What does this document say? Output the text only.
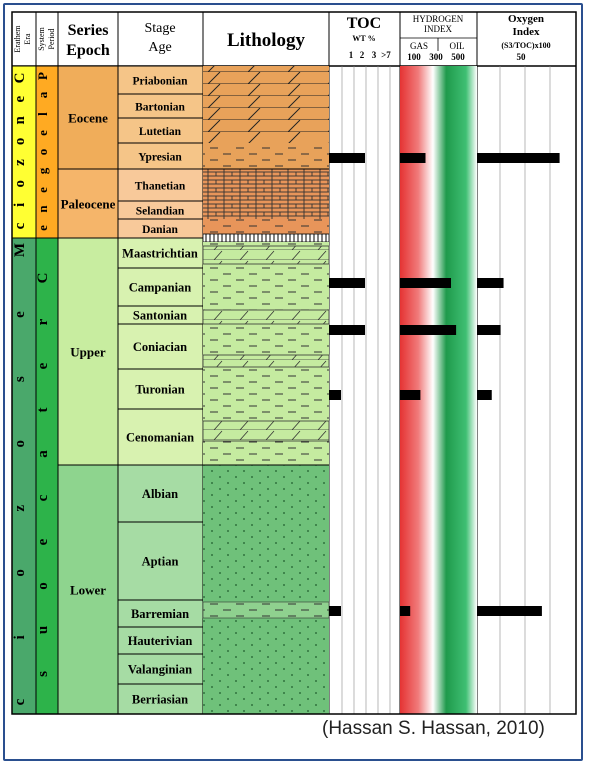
Erathem Era System Period Series
Epoch
Stage
Age	Lithology
TOC
WT %
1 2 3 >7
HYDROGEN
INDEX
GAS OIL
100 300 500
Oxygen
Index
(S3/TOC)x100
50
C
e
n
o
z
o
i
c
M
e
s
o
z
o
i
c
P
a
l
e
o
g
e
n
e
C
r
e
t
a
c
e
o
u
s
Eocene
Paleocene
Upper
Lower
Priabonian
Bartonian
Lutetian
Ypresian
Thanetian
Selandian
Danian
Maastrichtian
Campanian
Santonian
Coniacian
Turonian
Cenomanian
Albian
Aptian
Barremian
Hauterivian
Valanginian
Berriasian
(Hassan S. Hassan, 2010)
